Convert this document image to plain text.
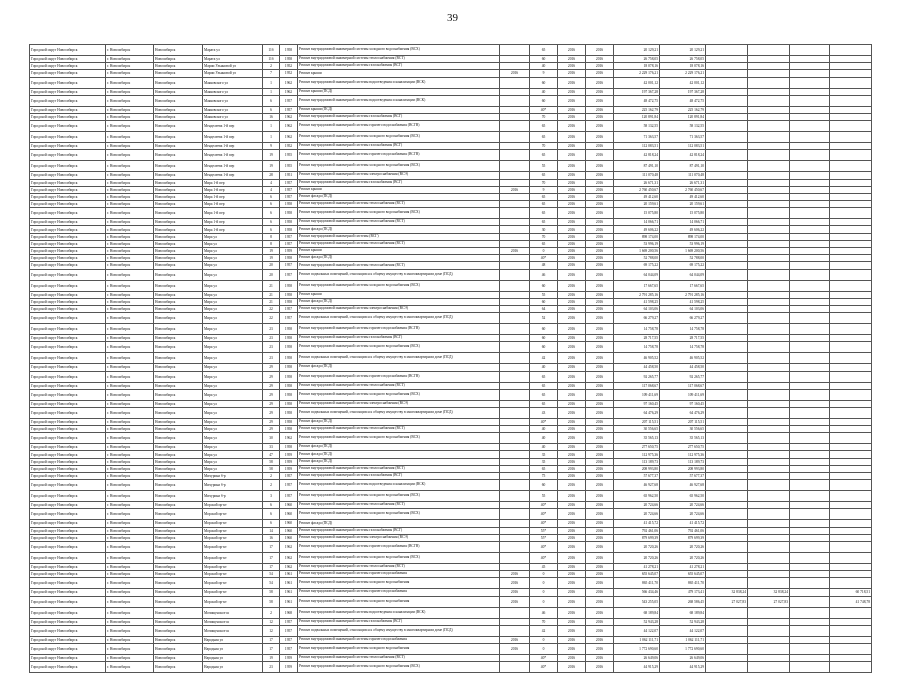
39
Городской округ Новосибирск	г. Новосибирск	Новосибирск	Марата ул	11б	1958	Ремонт внутридомовой инженерной системы холодного водоснабжения (ВСХ)		65	2016	2016	20 129,21	20 129,21				
Городской округ Новосибирск	г. Новосибирск	Новосибирск	Марата ул	11б	1958	Ремонт внутридомовой инженерной системы теплоснабжения (ВСТ)		60	2016	2016	26 758,05	26 758,05				
Городской округ Новосибирск	г. Новосибирск	Новосибирск	Марии Ульяновой ул	2	1952	Ремонт внутридомовой инженерной системы газоснабжения (ВСГ)		40	2016	2016	18 078,16	18 078,16				
Городской округ Новосибирск	г. Новосибирск	Новосибирск	Марии Ульяновой ул	7	1952	Ремонт крыши	2016	9	2016	2016	2 229 176,21	2 229 176,21				
Городской округ Новосибирск	г. Новосибирск	Новосибирск	Маяковского ул	1	1962	Ремонт внутридомовой инженерной системы водоотведения и канализации (ВСК)		60	2016	2016	42 001,12	42 001,12				
Городской округ Новосибирск	г. Новосибирск	Новосибирск	Маяковского ул	1	1962	Ремонт крыши (ПСД)		40	2016	2016	197 367,28	197 367,28				
Городской округ Новосибирск	г. Новосибирск	Новосибирск	Маяковского ул	6	1957	Ремонт внутридомовой инженерной системы водоотведения и канализации (ВСК)		60	2016	2016	48 472,75	48 472,75				
Городской округ Новосибирск	г. Новосибирск	Новосибирск	Маяковского ул	6	1957	Ремонт крыши (ПСД)		40*	2016	2016	225 162,79	225 162,79				
Городской округ Новосибирск	г. Новосибирск	Новосибирск	Маяковского ул	16	1962	Ремонт внутридомовой инженерной системы газоснабжения (ВСГ)		70	2016	2016	120 891,84	120 891,84				
Городской округ Новосибирск	г. Новосибирск	Новосибирск	Менделеева 1-й пер	1	1962	Ремонт внутридомовой инженерной системы горячего водоснабжения (ВСГВ)		65	2016	2016	58 132,55	58 132,55				
Городской округ Новосибирск	г. Новосибирск	Новосибирск	Менделеева 1-й пер	1	1962	Ремонт внутридомовой инженерной системы холодного водоснабжения (ВСХ)		65	2016	2016	71 363,57	71 363,57				
Городской округ Новосибирск	г. Новосибирск	Новосибирск	Менделеева 1-й пер	9	1952	Ремонт внутридомовой инженерной системы газоснабжения (ВСГ)		70	2016	2016	112 083,51	112 083,51				
Городской округ Новосибирск	г. Новосибирск	Новосибирск	Менделеева 1-й пер	19	1955	Ремонт внутридомовой инженерной системы горячего водоснабжения (ВСГВ)		65	2016	2016	42 818,24	42 818,24				
Городской округ Новосибирск	г. Новосибирск	Новосибирск	Менделеева 1-й пер	19	1955	Ремонт внутридомовой инженерной системы холодного водоснабжения (ВСХ)		55	2016	2016	87 491,10	87 491,10				
Городской округ Новосибирск	г. Новосибирск	Новосибирск	Менделеева 1-й пер	28	1951	Ремонт внутридомовой инженерной системы электроснабжения (ВСЭ)		65	2016	2016	111 070,48	111 070,48				
Городской округ Новосибирск	г. Новосибирск	Новосибирск	Мира 1-й пер	4	1957	Ремонт внутридомовой инженерной системы газоснабжения (ВСГ)		70	2016	2016	26 671,31	26 671,31				
Городской округ Новосибирск	г. Новосибирск	Новосибирск	Мира 1-й пер	4	1957	Ремонт крыши	2016	9	2016	2016	2 760 450,67	2 760 450,67				
Городской округ Новосибирск	г. Новосибирск	Новосибирск	Мира 1-й пер	6	1957	Ремонт фасада (ПСД)		65	2016	2016	49 412,60	49 412,60				
Городской округ Новосибирск	г. Новосибирск	Новосибирск	Мира 1-й пер	6	1958	Ремонт внутридомовой инженерной системы теплоснабжения (ВСТ)		65	2016	2016	20 159,61	20 159,61				
Городской округ Новосибирск	г. Новосибирск	Новосибирск	Мира 1-й пер	6	1958	Ремонт внутридомовой инженерной системы холодного водоснабжения (ВСХ)		65	2016	2016	15 075,80	15 075,80				
Городской округ Новосибирск	г. Новосибирск	Новосибирск	Мира 1-й пер	6	1958	Ремонт внутридомовой инженерной системы теплоснабжения (ВСТ)		65	2016	2016	14 066,71	14 066,71				
Городской округ Новосибирск	г. Новосибирск	Новосибирск	Мира 1-й пер	6	1958	Ремонт фасада (ПСД)		30	2016	2016	49 606,22	49 606,22				
Городской округ Новосибирск	г. Новосибирск	Новосибирск	Мира ул	8	1957	Ремонт внутридомовой инженерной системы (ВСГ)		70	2016	2016	898 174,00	898 174,00				
Городской округ Новосибирск	г. Новосибирск	Новосибирск	Мира ул	8	1957	Ремонт внутридомовой инженерной системы теплоснабжения (ВСТ)		65	2016	2016	53 996,19	53 996,19				
Городской округ Новосибирск	г. Новосибирск	Новосибирск	Мира ул	19	1959	Ремонт крыши	2016	0	2016	2016	1 669 200,56	1 669 200,56				
Городской округ Новосибирск	г. Новосибирск	Новосибирск	Мира ул	19	1958	Ремонт фасада (ПСД)		40*	2016	2016	52 788,00	52 788,00				
Городской округ Новосибирск	г. Новосибирск	Новосибирск	Мира ул	20	1957	Ремонт внутридомовой инженерной системы теплоснабжения (ВСТ)		48	2016	2016	69 175,22	69 175,22				
Городской округ Новосибирск	г. Новосибирск	Новосибирск	Мира ул	20	1957	Ремонт подвальных помещений, относящихся к общему имуществу в многоквартирном доме (ПСД)		46	2016	2016	64 044,09	64 044,09				
Городской округ Новосибирск	г. Новосибирск	Новосибирск	Мира ул	21	1958	Ремонт внутридомовой инженерной системы холодного водоснабжения (ВСХ)		60	2016	2016	17 667,65	17 667,65				
Городской округ Новосибирск	г. Новосибирск	Новосибирск	Мира ул	21	1958	Ремонт крыши		55	2016	2016	2 791 285,16	2 791 285,16				
Городской округ Новосибирск	г. Новосибирск	Новосибирск	Мира ул	21	1958	Ремонт фасада (ПСД)		60	2016	2016	41 598,25	41 598,25				
Городской округ Новосибирск	г. Новосибирск	Новосибирск	Мира ул	22	1957	Ремонт внутридомовой инженерной системы электроснабжения (ВСЭ)		64	2016	2016	64 103,06	64 103,06				
Городской округ Новосибирск	г. Новосибирск	Новосибирск	Мира ул	22	1957	Ремонт подвальных помещений, относящихся к общему имуществу в многоквартирном доме (ПСД)		52	2016	2016	66 279,27	66 279,27				
Городской округ Новосибирск	г. Новосибирск	Новосибирск	Мира ул	23	1958	Ремонт внутридомовой инженерной системы горячего водоснабжения (ВСГВ)		60	2016	2016	14 758,78	14 758,78				
Городской округ Новосибирск	г. Новосибирск	Новосибирск	Мира ул	23	1958	Ремонт внутридомовой инженерной системы газоснабжения (ВСГ)		60	2016	2016	28 717,55	28 717,55				
Городской округ Новосибирск	г. Новосибирск	Новосибирск	Мира ул	23	1958	Ремонт внутридомовой инженерной системы холодного водоснабжения (ВСХ)		60	2016	2016	14 758,78	14 758,78				
Городской округ Новосибирск	г. Новосибирск	Новосибирск	Мира ул	23	1958	Ремонт подвальных помещений, относящихся к общему имуществу в многоквартирном доме (ПСД)		42	2016	2016	46 905,52	46 905,52				
Городской округ Новосибирск	г. Новосибирск	Новосибирск	Мира ул	29	1958	Ремонт фасада (ПСД)		40	2016	2016	44 458,50	44 458,50				
Городской округ Новосибирск	г. Новосибирск	Новосибирск	Мира ул	29	1958	Ремонт внутридомовой инженерной системы горячего водоснабжения (ВСГВ)		65	2016	2016	92 265,77	92 265,77				
Городской округ Новосибирск	г. Новосибирск	Новосибирск	Мира ул	29	1958	Ремонт внутридомовой инженерной системы теплоснабжения (ВСТ)		65	2016	2016	117 068,67	117 068,67				
Городской округ Новосибирск	г. Новосибирск	Новосибирск	Мира ул	29	1958	Ремонт внутридомовой инженерной системы холодного водоснабжения (ВСХ)		65	2016	2016	109 411,69	109 411,69				
Городской округ Новосибирск	г. Новосибирск	Новосибирск	Мира ул	29	1958	Ремонт внутридомовой инженерной системы электроснабжения (ВСЭ)		65	2016	2016	97 160,45	97 160,45				
Городской округ Новосибирск	г. Новосибирск	Новосибирск	Мира ул	29	1958	Ремонт подвальных помещений, относящихся к общему имуществу в многоквартирном доме (ПСД)		43	2016	2016	64 476,29	64 476,29				
Городской округ Новосибирск	г. Новосибирск	Новосибирск	Мира ул	29	1958	Ремонт фасада (ПСД)		40*	2016	2016	207 115,51	207 115,51				
Городской округ Новосибирск	г. Новосибирск	Новосибирск	Мира ул	29	1958	Ремонт внутридомовой инженерной системы теплоснабжения (ВСТ)		40	2016	2016	30 556,65	30 556,65				
Городской округ Новосибирск	г. Новосибирск	Новосибирск	Мира ул	30	1962	Ремонт внутридомовой инженерной системы холодного водоснабжения (ВСХ)		40	2016	2016	35 565,13	35 565,13				
Городской округ Новосибирск	г. Новосибирск	Новосибирск	Мира ул	33	1958	Ремонт фасада (ПСД)		40	2016	2016	277 650,75	277 650,75				
Городской округ Новосибирск	г. Новосибирск	Новосибирск	Мира ул	47	1959	Ремонт фасада (ПСД)		35	2016	2016	112 975,36	112 975,36				
Городской округ Новосибирск	г. Новосибирск	Новосибирск	Мира ул	58	1959	Ремонт фасада (ПСД)		35	2016	2016	113 189,73	113 189,73				
Городской округ Новосибирск	г. Новосибирск	Новосибирск	Мира ул	58	1959	Ремонт внутридомовой инженерной системы теплоснабжения (ВСТ)		65	2016	2016	208 993,80	208 993,80				
Городской округ Новосибирск	г. Новосибирск	Новосибирск	Мичурина б-р	2	1957	Ремонт внутридомовой инженерной системы газоснабжения (ВСГ)		75	2016	2016	57 677,37	57 677,37				
Городской округ Новосибирск	г. Новосибирск	Новосибирск	Мичурина б-р	2	1957	Ремонт внутридомовой инженерной системы водоотведения и канализации (ВСК)		60	2016	2016	46 927,68	46 927,68				
Городской округ Новосибирск	г. Новосибирск	Новосибирск	Мичурина б-р	3	1957	Ремонт внутридомовой инженерной системы холодного водоснабжения (ВСХ)		55	2016	2016	65 962,50	65 962,50				
Городской округ Новосибирск	г. Новосибирск	Новосибирск	Морской пр-кт	6	1960	Ремонт внутридомовой инженерной системы теплоснабжения (ВСТ)		40*	2016	2016	20 724,66	20 724,66				
Городской округ Новосибирск	г. Новосибирск	Новосибирск	Морской пр-кт	6	1960	Ремонт внутридомовой инженерной системы холодного водоснабжения (ВСХ)		40*	2016	2016	20 724,66	20 724,66				
Городской округ Новосибирск	г. Новосибирск	Новосибирск	Морской пр-кт	6	1960	Ремонт фасада (ПСД)		40*	2016	2016	41 415,72	41 415,72				
Городской округ Новосибирск	г. Новосибирск	Новосибирск	Морской пр-кт	14	1960	Ремонт внутридомовой инженерной системы газоснабжения (ВСГ)		55*	2016	2016	792 461,06	792 461,06				
Городской округ Новосибирск	г. Новосибирск	Новосибирск	Морской пр-кт	16	1960	Ремонт внутридомовой инженерной системы электроснабжения (ВСЭ)		55*	2016	2016	879 699,39	879 699,39				
Городской округ Новосибирск	г. Новосибирск	Новосибирск	Морской пр-кт	17	1962	Ремонт внутридомовой инженерной системы горячего водоснабжения (ВСГВ)		40*	2016	2016	20 720,26	20 720,26				
Городской округ Новосибирск	г. Новосибирск	Новосибирск	Морской пр-кт	17	1962	Ремонт внутридомовой инженерной системы холодного водоснабжения (ВСХ)		40*	2016	2016	20 720,26	20 720,26				
Городской округ Новосибирск	г. Новосибирск	Новосибирск	Морской пр-кт	17	1962	Ремонт внутридомовой инженерной системы теплоснабжения (ВСТ)		45	2016	2016	41 278,21	41 278,21				
Городской округ Новосибирск	г. Новосибирск	Новосибирск	Морской пр-кт	54	1961	Ремонт внутридомовой инженерной системы горячего водоснабжения	2016	0	2016	2016	655 645,07	655 645,07				
Городской округ Новосибирск	г. Новосибирск	Новосибирск	Морской пр-кт	54	1961	Ремонт внутридомовой инженерной системы холодного водоснабжения	2016	0	2016	2016	865 411,70	865 411,70				
Городской округ Новосибирск	г. Новосибирск	Новосибирск	Морской пр-кт	58	1961	Ремонт внутридомовой инженерной системы горячего водоснабжения	2016	0	2016	2016	566 434,46	479 173,41	32 838,24	32 838,24		60 718,51
Городской округ Новосибирск	г. Новосибирск	Новосибирск	Морской пр-кт	58	1961	Ремонт внутридомовой инженерной системы холодного водоснабжения	2016	0	2016	2016	543 255,05	268 586,45	27 027,83	27 027,83		41 748,78
Городской округ Новосибирск	г. Новосибирск	Новосибирск	Мочищенское ш	2	1968	Ремонт внутридомовой инженерной системы водоотведения и канализации (ВСК)		46	2016	2016	68 189,84	68 189,84				
Городской округ Новосибирск	г. Новосибирск	Новосибирск	Мочищенское ш	12	1957	Ремонт внутридомовой инженерной системы газоснабжения (ВСГ)		70	2016	2016	52 943,28	52 943,28				
Городской округ Новосибирск	г. Новосибирск	Новосибирск	Мочищенское ш	12	1957	Ремонт подвальных помещений, относящихся к общему имуществу в многоквартирном доме (ПСД)		42	2016	2016	44 122,07	44 122,07				
Городской округ Новосибирск	г. Новосибирск	Новосибирск	Народная ул	17	1957	Ремонт внутридомовой инженерной системы горячего водоснабжения	2016	0	2016	2016	1 062 111,71	1 062 111,71				
Городской округ Новосибирск	г. Новосибирск	Новосибирск	Народная ул	17	1957	Ремонт внутридомовой инженерной системы холодного водоснабжения	2016	0	2016	2016	1 772 690,60	1 772 690,60				
Городской округ Новосибирск	г. Новосибирск	Новосибирск	Народная ул	19	1959	Ремонт внутридомовой инженерной системы теплоснабжения (ВСТ)		40*	2016	2016	26 649,06	26 649,06				
Городской округ Новосибирск	г. Новосибирск	Новосибирск	Народная ул	23	1959	Ремонт внутридомовой инженерной системы холодного водоснабжения (ВСХ)		40*	2016	2016	44 915,29	44 915,29				
